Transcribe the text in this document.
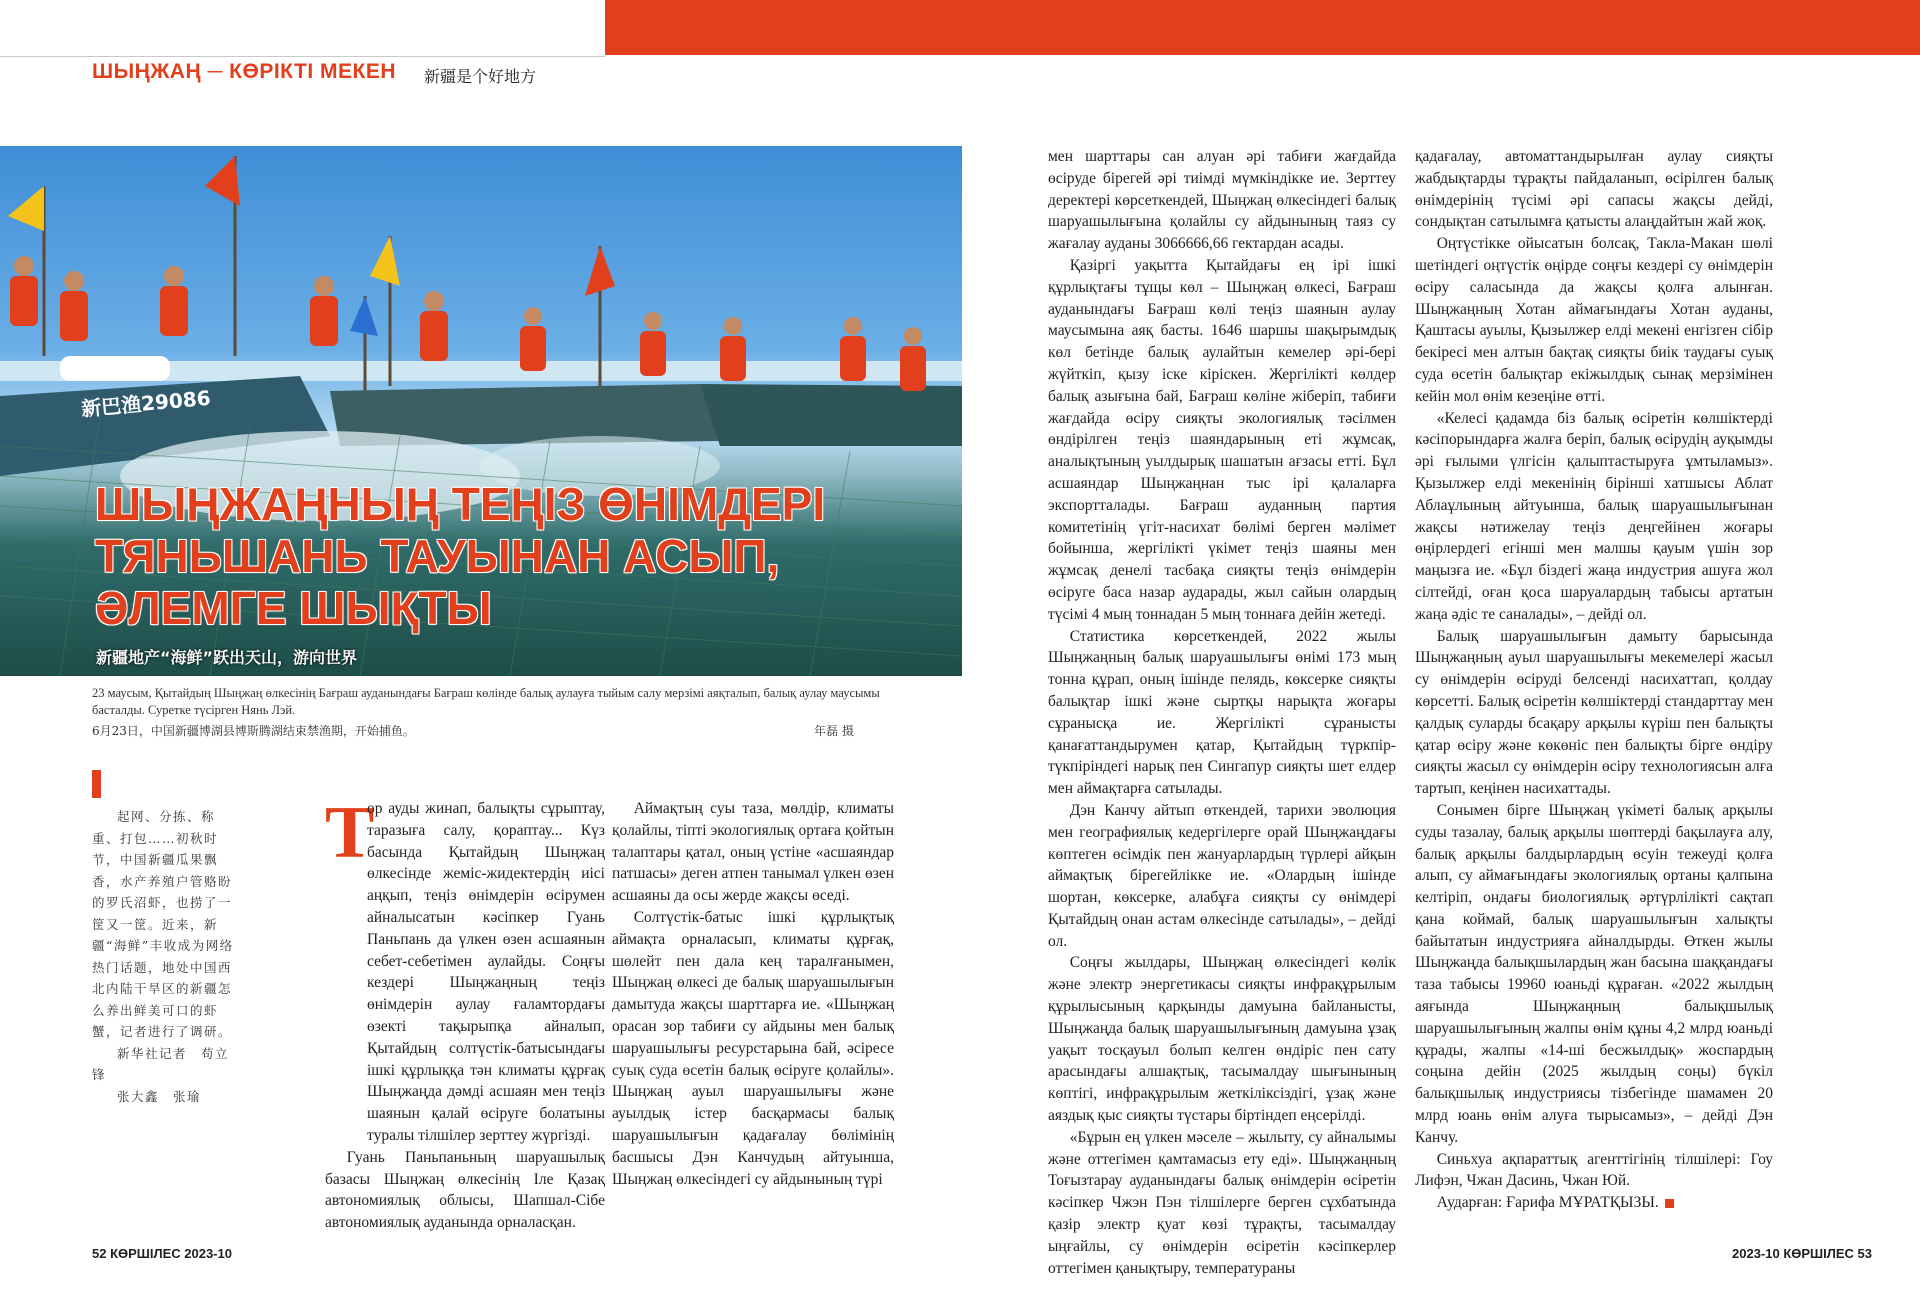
ШЫҢЖАҢ ─ КӨРІКТІ МЕКЕН 新疆是个好地方
新巴渔29086
ШЫҢЖАҢНЫҢ ТЕҢІЗ ӨНІМДЕРІ
ТЯНЬШАНЬ ТАУЫНАН АСЫП,
ӘЛЕМГЕ ШЫҚТЫ
新疆地产“海鲜”跃出天山，游向世界
23 маусым, Қытайдың Шыңжаң өлкесінің Бағраш ауданындағы Бағраш көлінде балық аулауға тыйым салу мерзімі аяқталып, балық аулау маусымы басталды. Суретке түсірген Нянь Лэй.
6月23日，中国新疆博湖县博斯腾湖结束禁渔期，开始捕鱼。	年磊 摄

起网、分拣、称重、打包……初秋时节，中国新疆瓜果飘香，水产养殖户管赂盼的罗氏沼虾，也捞了一筐又一筐。近来，新疆“海鲜”丰收成为网络热门话题，地处中国西北内陆干旱区的新疆怎么养出鲜美可口的虾蟹，记者进行了调研。

新华社记者　苟立锋

张大鑫　张瑜

Т

ор ауды жинап, балықты сұрыптау, таразыға салу, қораптау... Күз басында Қытайдың Шыңжаң өлкесінде жеміс-жидектердің иісі аңқып, теңіз өнімдерін өсірумен айналысатын кәсіпкер Гуань Паньпань да үлкен өзен асшаянын себет-себетімен аулайды. Соңғы кездері Шыңжаңның теңіз өнімдерін аулау ғаламтордағы өзекті тақырыпқа айналып, Қытайдың солтүстік-батысындағы ішкі құрлыққа тән климаты құрғақ Шыңжаңда дәмді асшаян мен теңіз шаянын қалай өсіруге болатыны туралы тілшілер зерттеу жүргізді.

Гуань Паньпаньның шаруашылық базасы Шыңжаң өлкесінің Іле Қазақ автономиялық облысы, Шапшал-Сібе автономиялық ауданында орналасқан.

Аймақтың суы таза, мөлдір, климаты қолайлы, тіпті экологиялық ортаға қойтын талаптары қатал, оның үстіне «асшаяндар патшасы» деген атпен танымал үлкен өзен асшаяны да осы жерде жақсы өседі.

Солтүстік-батыс ішкі құрлықтық аймақта орналасып, климаты құрғақ, шөлейт пен дала кең таралғанымен, Шыңжаң өлкесі де балық шаруашылығын дамытуда жақсы шарттарға ие. «Шыңжаң орасан зор табиғи су айдыны мен балық шаруашылығы ресурстарына бай, әсіресе суық суда өсетін балық өсіруге қолайлы». Шыңжаң ауыл шаруашылығы және ауылдық істер басқармасы балық шаруашылығын қадағалау бөлімінің басшысы Дэн Канчудың айтуынша, Шыңжаң өлкесіндегі су айдынының түрі

мен шарттары сан алуан әрі табиғи жағдайда өсіруде бірегей әрі тиімді мүмкіндікке ие. Зерттеу деректері көрсеткендей, Шыңжаң өлкесіндегі балық шаруашылығына қолайлы су айдынының таяз су жағалау ауданы 3066666,66 гектардан асады.

Қазіргі уақытта Қытайдағы ең ірі ішкі құрлықтағы тұщы көл – Шыңжаң өлкесі, Бағраш ауданындағы Бағраш көлі теңіз шаянын аулау маусымына аяқ басты. 1646 шаршы шақырымдық көл бетінде балық аулайтын кемелер әрі-бері жүйткіп, қызу іске кіріскен. Жергілікті көлдер балық азығына бай, Бағраш көліне жіберіп, табиғи жағдайда өсіру сияқты экологиялық тәсілмен өндірілген теңіз шаяндарының еті жұмсақ, аналықтының уылдырық шашатын ағзасы етті. Бұл асшаяндар Шыңжаңнан тыс ірі қалаларға экспортталады. Бағраш ауданның партия комитетінің үгіт-насихат бөлімі берген мәлімет бойынша, жергілікті үкімет теңіз шаяны мен жұмсақ денелі тасбақа сияқты теңіз өнімдерін өсіруге баса назар аударады, жыл сайын олардың түсімі 4 мың тоннадан 5 мың тоннаға дейін жетеді.

Статистика көрсеткендей, 2022 жылы Шыңжаңның балық шаруашылығы өнімі 173 мың тонна құрап, оның ішінде пелядь, көксерке сияқты балықтар ішкі және сыртқы нарықта жоғары сұранысқа ие. Жергілікті сұранысты қанағаттандырумен қатар, Қытайдың түркпір-түкпіріндегі нарық пен Сингапур сияқты шет елдер мен аймақтарға сатылады.

Дэн Канчу айтып өткендей, тарихи эволюция мен географиялық кедергілерге орай Шыңжаңдағы көптеген өсімдік пен жануарлардың түрлері айқын аймақтық бірегейлікке ие. «Олардың ішінде шортан, көксерке, алабұға сияқты су өнімдері Қытайдың онан астам өлкесінде сатылады», – дейді ол.

Соңғы жылдары, Шыңжаң өлкесіндегі көлік және электр энергетикасы сияқты инфрақұрылым құрылысының қарқынды дамуына байланысты, Шыңжаңда балық шаруашылығының дамуына ұзақ уақыт тосқауыл болып келген өндіріс пен сату арасындағы алшақтық, тасымалдау шығынының көптігі, инфрақұрылым жеткіліксіздігі, ұзақ және аяздық қыс сияқты түстары біртіндеп еңсерілді.

«Бұрын ең үлкен мәселе – жылыту, су айналымы және оттегімен қамтамасыз ету еді». Шыңжаңның Тоғызтарау ауданындағы балық өнімдерін өсіретін кәсіпкер Чжэн Пэн тілшілерге берген сұхбатында қазір электр қуат көзі тұрақты, тасымалдау ыңғайлы, су өнімдерін өсіретін кәсіпкерлер оттегімен қанықтыру, температураны

қадағалау, автоматтандырылған аулау сияқты жабдықтарды тұрақты пайдаланып, өсірілген балық өнімдерінің түсімі әрі сапасы жақсы дейді, сондықтан сатылымға қатысты алаңдайтын жай жоқ.

Оңтүстікке ойысатын болсақ, Такла-Макан шөлі шетіндегі оңтүстік өңірде соңғы кездері су өнімдерін өсіру саласында да жақсы қолға алынған. Шыңжаңның Хотан аймағындағы Хотан ауданы, Қаштасы ауылы, Қызылжер елді мекені енгізген сібір бекіресі мен алтын бақтақ сияқты биік таудағы суық суда өсетін балықтар екіжылдық сынақ мерзімінен кейін мол өнім кезеңіне өтті.

«Келесі қадамда біз балық өсіретін көлшіктерді кәсіпорындарға жалға беріп, балық өсірудің ауқымды әрі ғылыми үлгісін қалыптастыруға ұмтыламыз». Қызылжер елді мекенінің бірінші хатшысы Аблат Аблаұлының айтуынша, балық шаруашылығынан жақсы нәтижелау теңіз деңгейінен жоғары өңірлердегі егінші мен малшы қауым үшін зор маңызға ие. «Бұл біздегі жаңа индустрия ашуға жол сілтейді, оған қоса шаруалардың табысы артатын жаңа әдіс те саналады», – дейді ол.

Балық шаруашылығын дамыту барысында Шыңжаңның ауыл шаруашылығы мекемелері жасыл су өнімдерін өсіруді белсенді насихаттап, қолдау көрсетті. Балық өсіретін көлшіктерді стандарттау мен қалдық суларды бсақару арқылы күріш пен балықты қатар өсіру және көкөніс пен балықты бірге өндіру сияқты жасыл су өнімдерін өсіру технологиясын алға тартып, кеңінен насихаттады.

Сонымен бірге Шыңжаң үкіметі балық арқылы суды тазалау, балық арқылы шөптерді бақылауға алу, балық арқылы балдырлардың өсуін тежеуді қолға алып, су аймағындағы экологиялық ортаны қалпына келтіріп, ондағы биологиялық әртүрлілікті сақтап қана коймай, балық шаруашылығын халықты байытатын индустрияға айналдырды. Өткен жылы Шыңжаңда балықшылардың жан басына шаққандағы таза табысы 19960 юаньді құраған. «2022 жылдың аяғында Шыңжаңның балықшылық шаруашылығының жалпы өнім құны 4,2 млрд юаньді құрады, жалпы «14-ші бесжылдық» жоспардың соңына дейін (2025 жылдың соңы) бүкіл балықшылық индустриясы тізбегінде шамамен 20 млрд юань өнім алуға тырысамыз», – дейді Дэн Канчу.

Синьхуа ақпараттық агенттігінің тілшілері: Гоу Лифэн, Чжан Дасинь, Чжан Юй.

Аударған: Ғарифа МҰРАТҚЫЗЫ.

52 КӨРШІЛЕС 2023-10	2023-10 КӨРШІЛЕС 53
